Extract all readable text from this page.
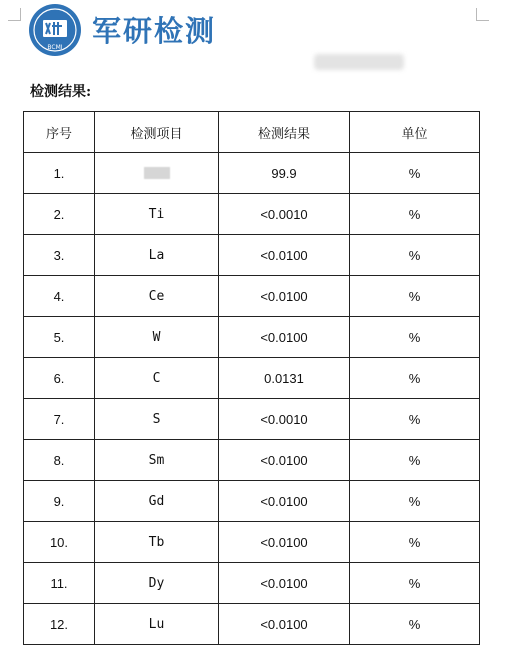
BCMI 军研检测
检测结果:
序号	检测项目	检测结果	单位
1.		99.9	%
2.	Ti	<0.0010	%
3.	La	<0.0100	%
4.	Ce	<0.0100	%
5.	W	<0.0100	%
6.	C	0.0131	%
7.	S	<0.0010	%
8.	Sm	<0.0100	%
9.	Gd	<0.0100	%
10.	Tb	<0.0100	%
11.	Dy	<0.0100	%
12.	Lu	<0.0100	%
